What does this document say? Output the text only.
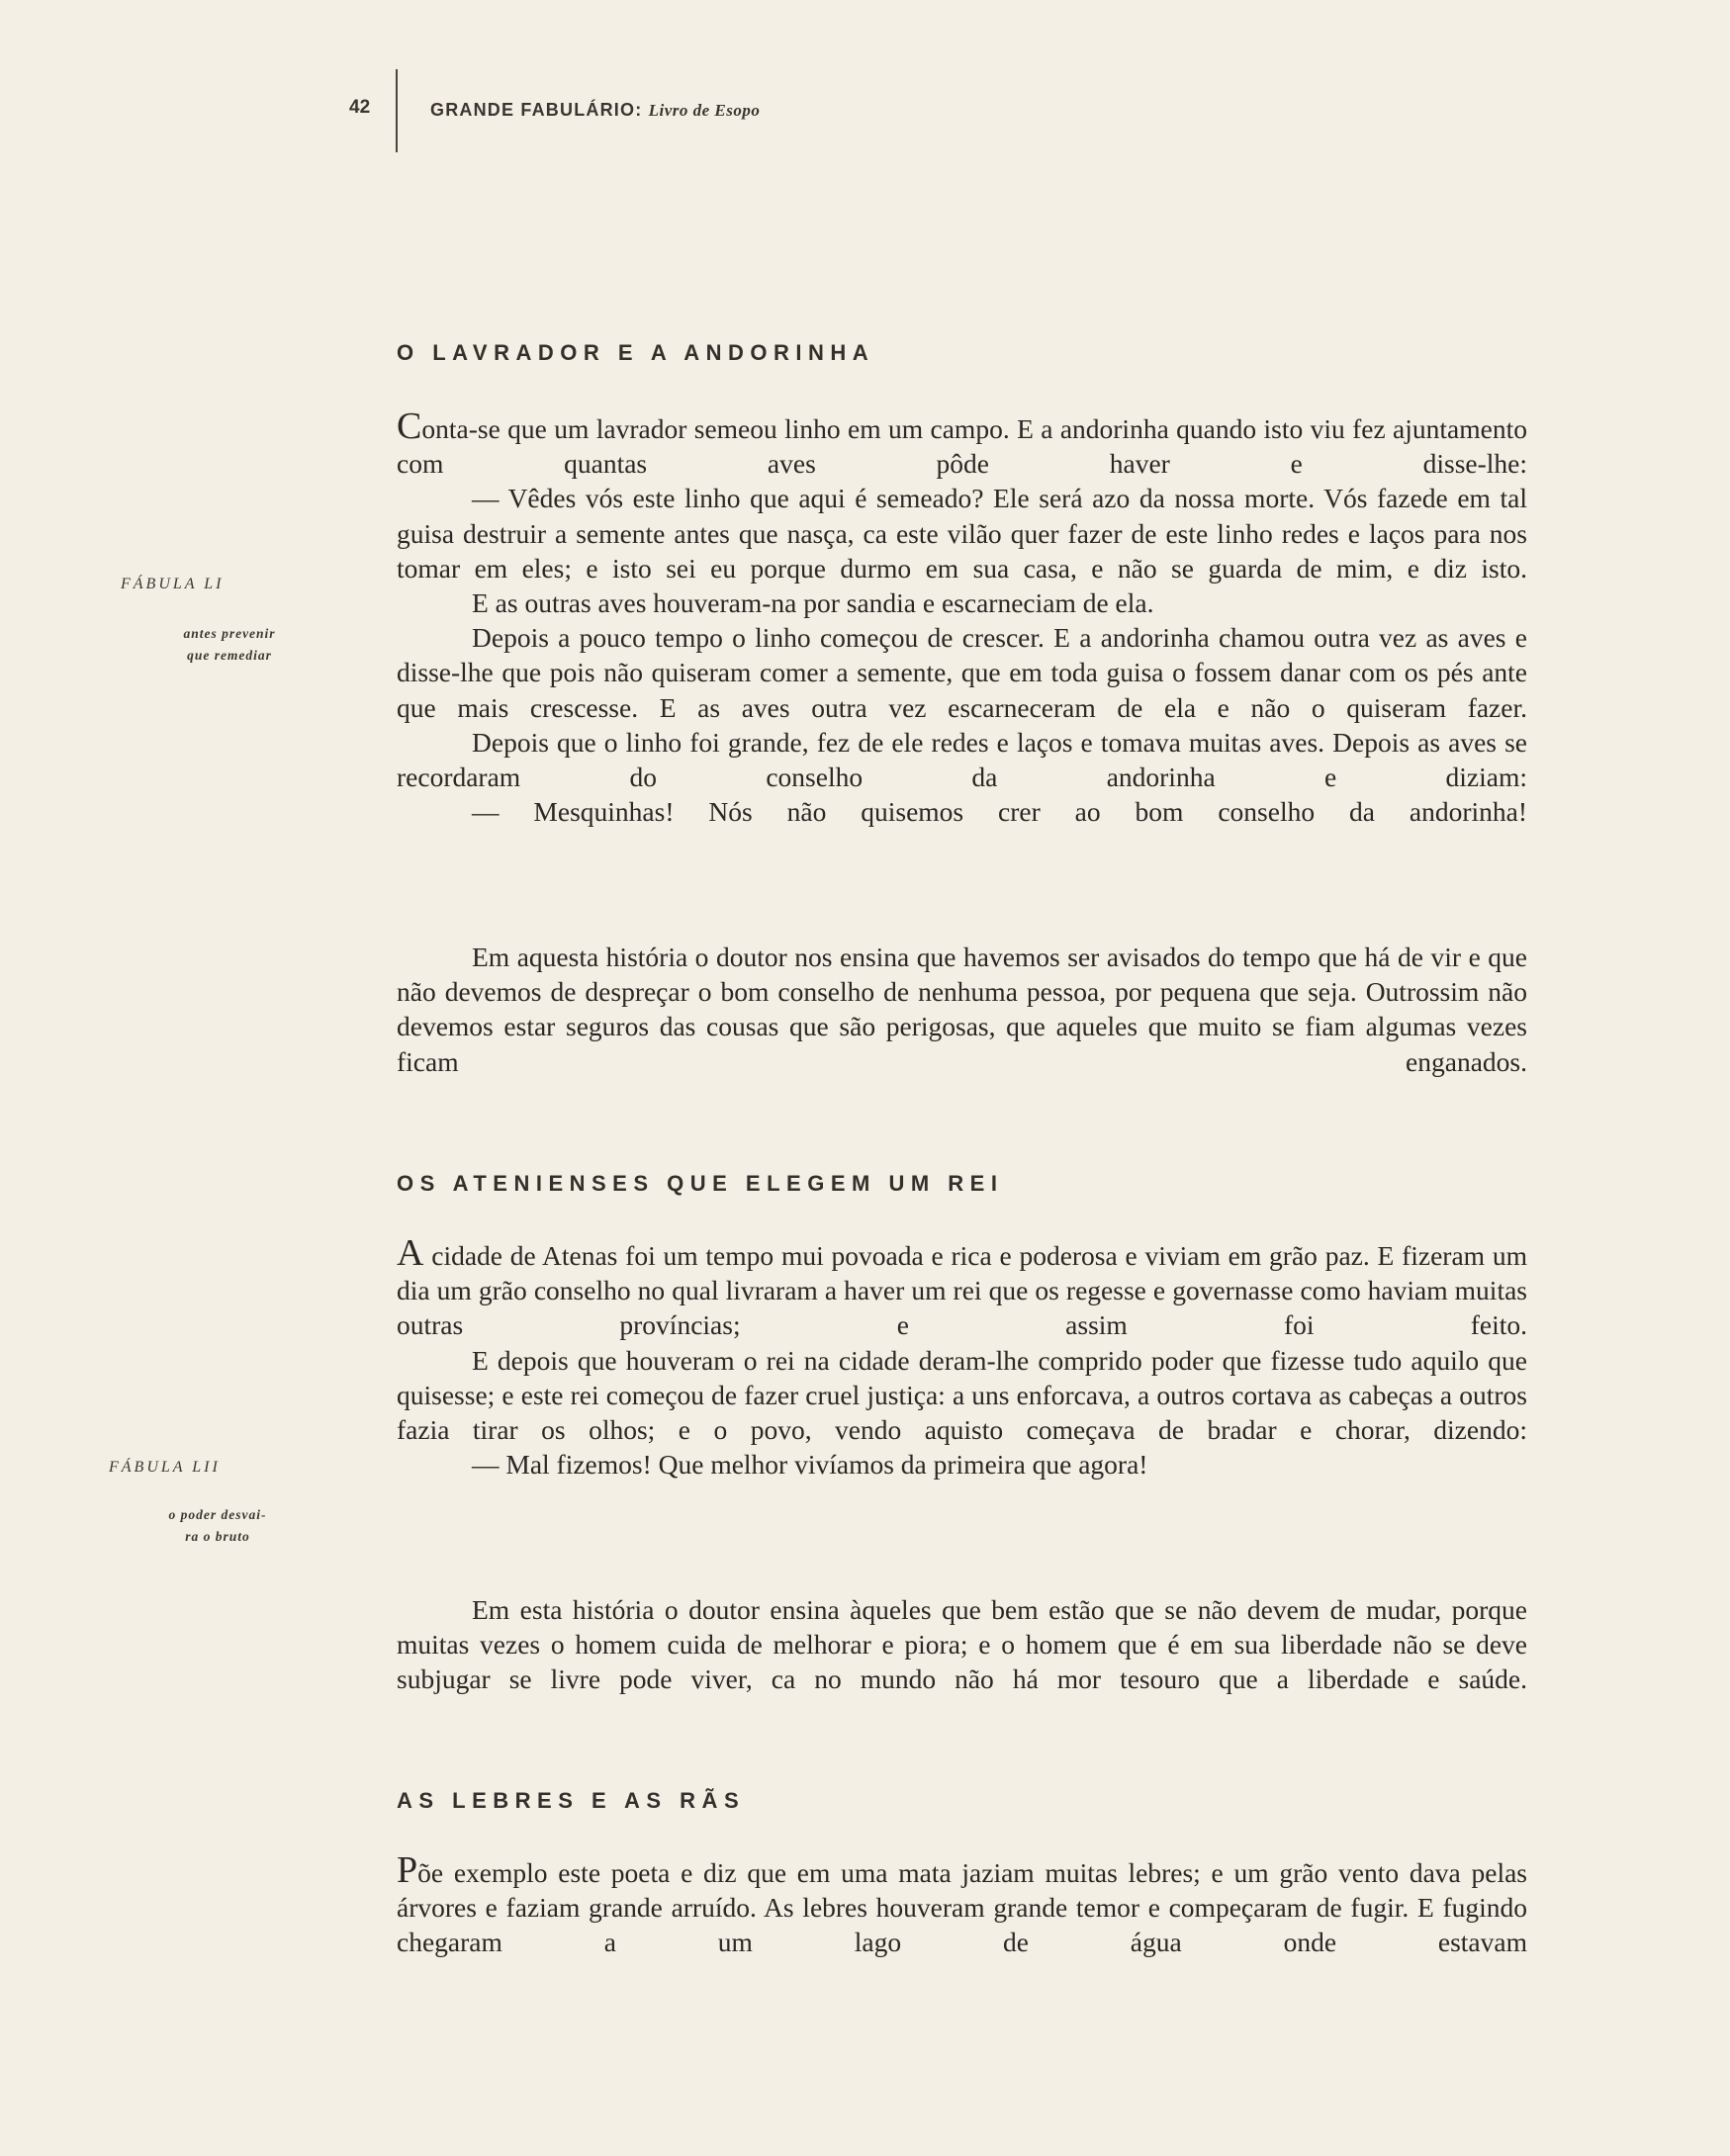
42	GRANDE FABULÁRIO: Livro de Esopo
O LAVRADOR E A ANDORINHA
FÁBULA LI
antes prevenir
que remediar

Conta-se que um lavrador semeou linho em um campo. E a andorinha quando isto viu fez ajuntamento com quantas aves pôde haver e disse-lhe:

— Vêdes vós este linho que aqui é semeado? Ele será azo da nossa morte. Vós fazede em tal guisa destruir a semente antes que nasça, ca este vilão quer fazer de este linho redes e laços para nos tomar em eles; e isto sei eu porque durmo em sua casa, e não se guarda de mim, e diz isto.

E as outras aves houveram-na por sandia e escarneciam de ela.

Depois a pouco tempo o linho começou de crescer. E a andorinha chamou outra vez as aves e disse-lhe que pois não quiseram comer a semente, que em toda guisa o fossem danar com os pés ante que mais crescesse. E as aves outra vez escarneceram de ela e não o quiseram fazer.

Depois que o linho foi grande, fez de ele redes e laços e tomava muitas aves. Depois as aves se recordaram do conselho da andorinha e diziam:

— Mesquinhas! Nós não quisemos crer ao bom conselho da andorinha!

Em aquesta história o doutor nos ensina que havemos ser avisados do tempo que há de vir e que não devemos de despreçar o bom conselho de nenhuma pessoa, por pequena que seja. Outrossim não devemos estar seguros das cousas que são perigosas, que aqueles que muito se fiam algumas vezes ficam enganados.

OS ATENIENSES QUE ELEGEM UM REI
FÁBULA LII
o poder desvai-
ra o bruto

A cidade de Atenas foi um tempo mui povoada e rica e poderosa e viviam em grão paz. E fizeram um dia um grão conselho no qual livraram a haver um rei que os regesse e governasse como haviam muitas outras províncias; e assim foi feito.

E depois que houveram o rei na cidade deram-lhe comprido poder que fizesse tudo aquilo que quisesse; e este rei começou de fazer cruel justiça: a uns enforcava, a outros cortava as cabeças a outros fazia tirar os olhos; e o povo, vendo aquisto começava de bradar e chorar, dizendo:

— Mal fizemos! Que melhor vivíamos da primeira que agora!

Em esta história o doutor ensina àqueles que bem estão que se não devem de mudar, porque muitas vezes o homem cuida de melhorar e piora; e o homem que é em sua liberdade não se deve subjugar se livre pode viver, ca no mundo não há mor tesouro que a liberdade e saúde.

AS LEBRES E AS RÃS

Põe exemplo este poeta e diz que em uma mata jaziam muitas lebres; e um grão vento dava pelas árvores e faziam grande arruído. As lebres houveram grande temor e compeçaram de fugir. E fugindo chegaram a um lago de água onde estavam
